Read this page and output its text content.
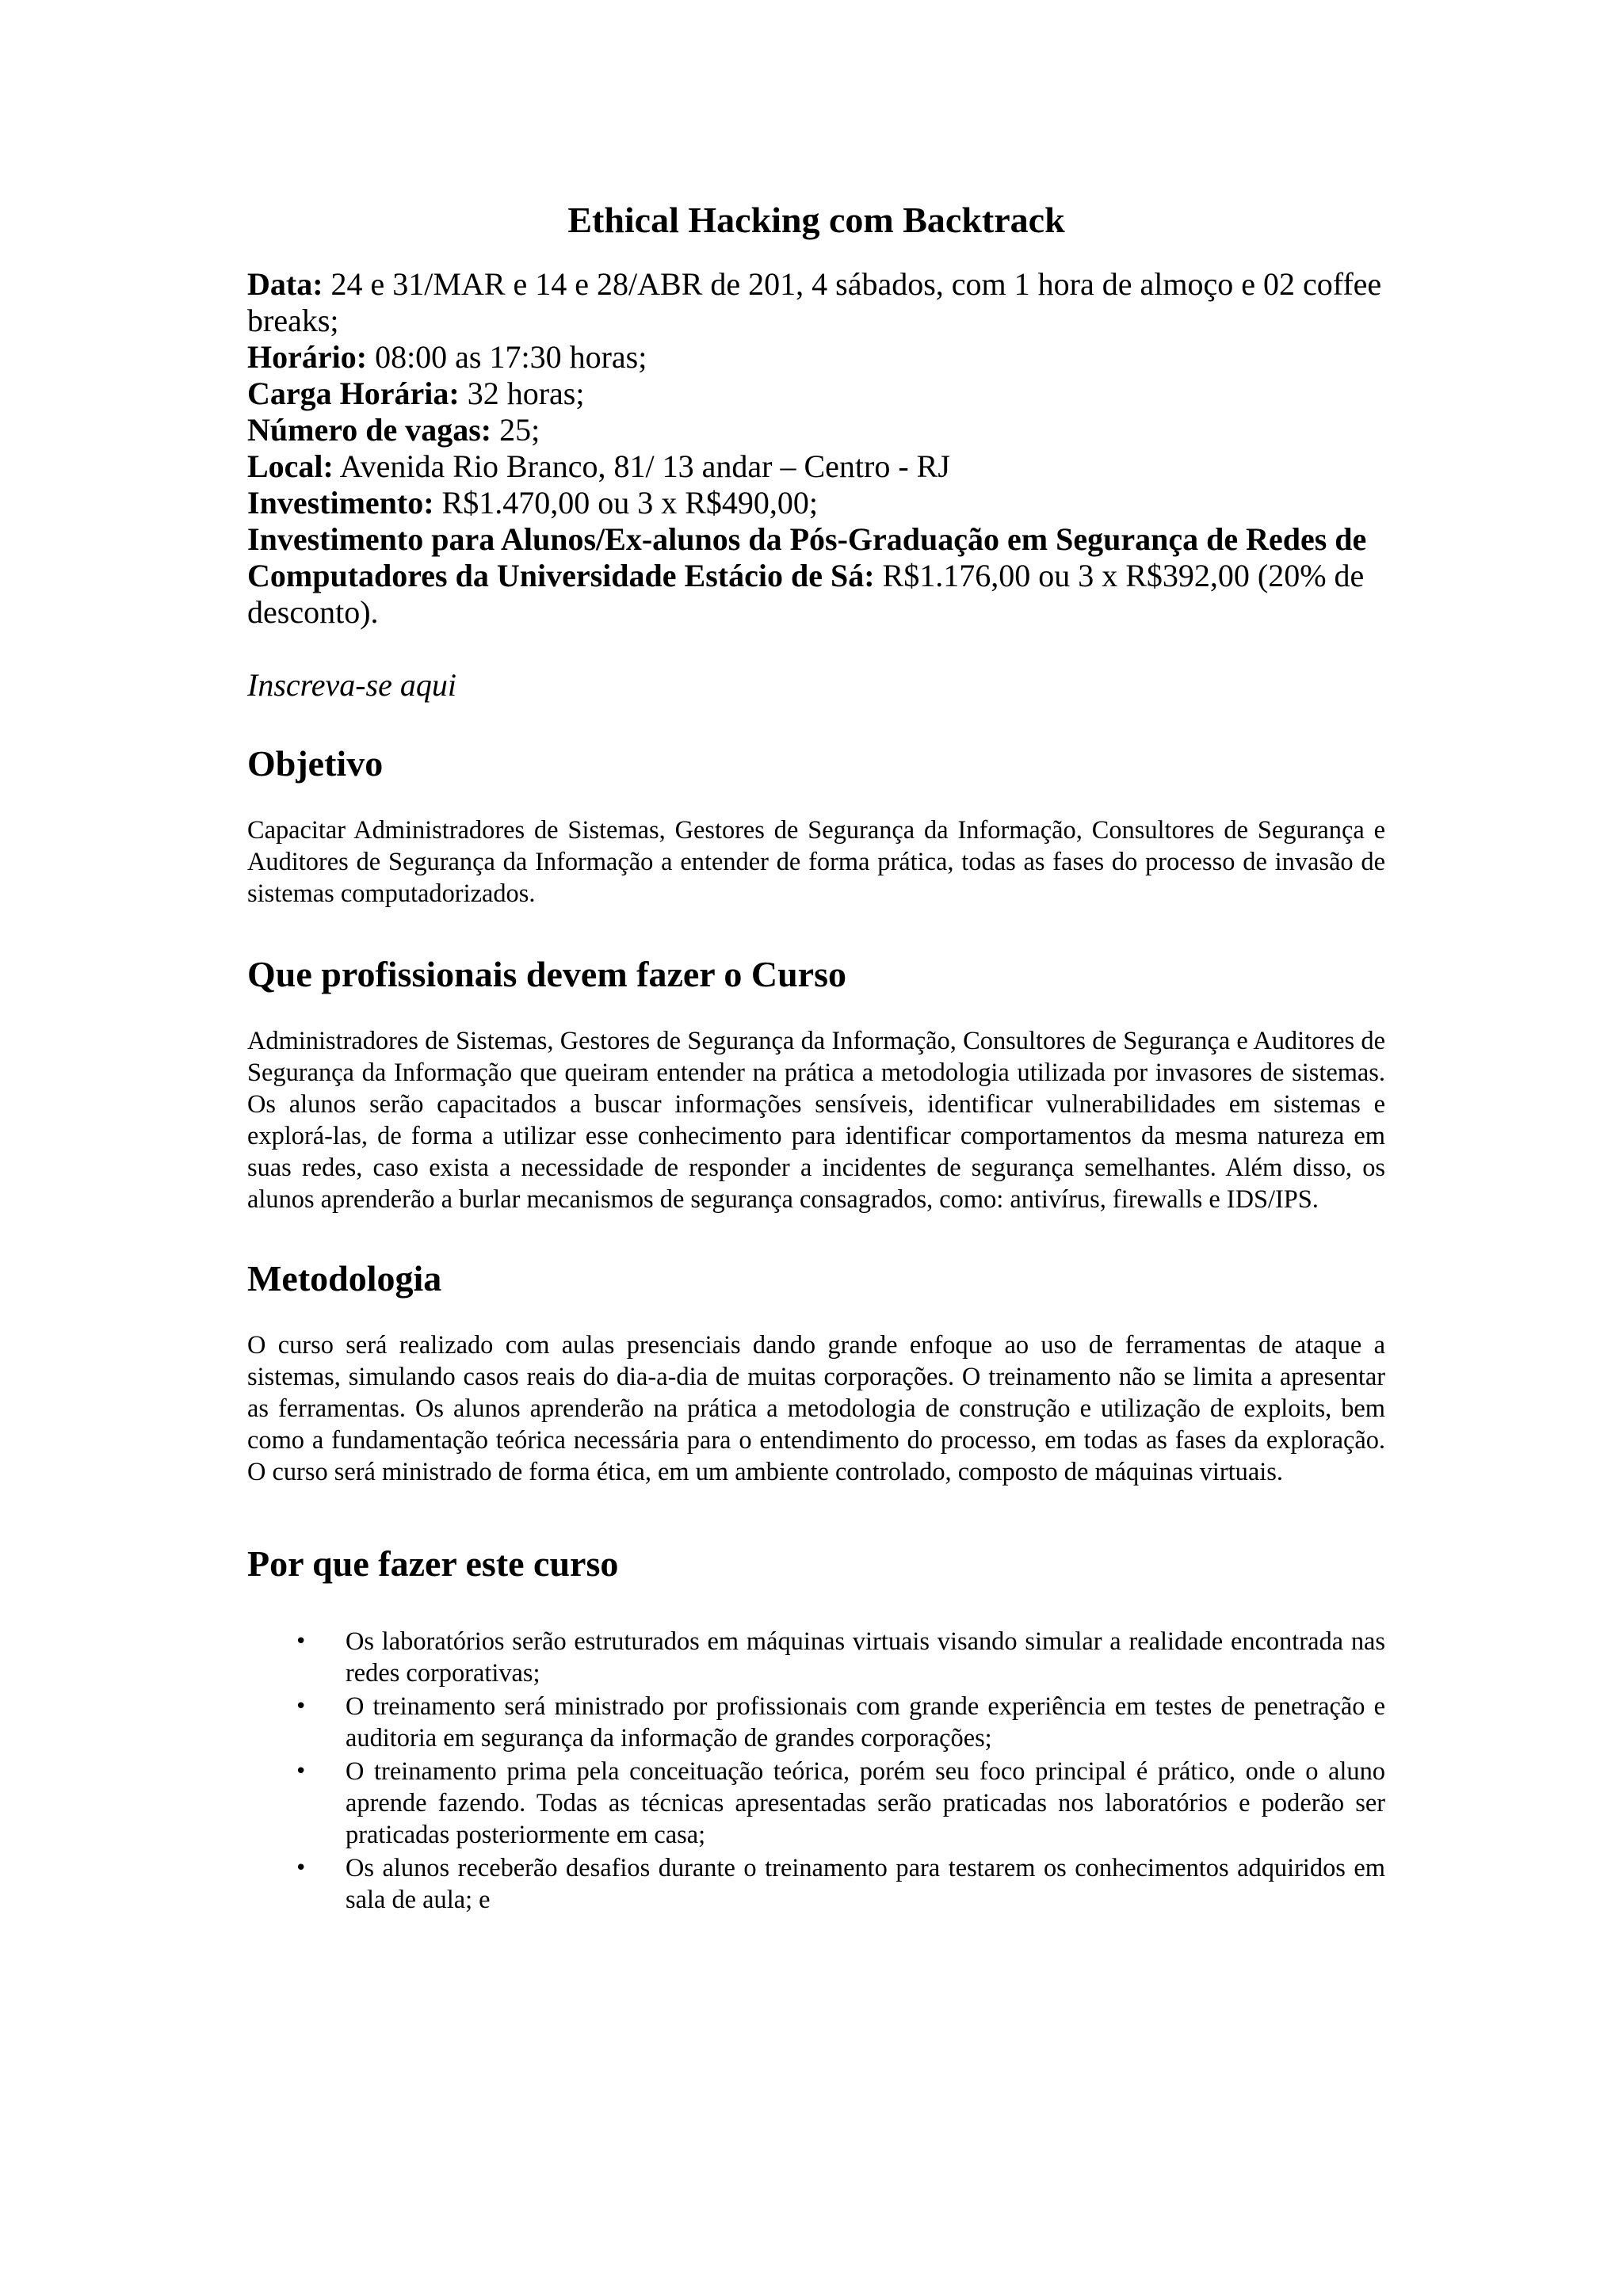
Ethical Hacking com Backtrack
Data: 24 e 31/MAR e 14 e 28/ABR de 201, 4 sábados, com 1 hora de almoço e 02 coffee breaks;
Horário: 08:00 as 17:30 horas;
Carga Horária: 32 horas;
Número de vagas: 25;
Local: Avenida Rio Branco, 81/ 13 andar – Centro - RJ
Investimento: R$1.470,00 ou 3 x R$490,00;
Investimento para Alunos/Ex-alunos da Pós-Graduação em Segurança de Redes de Computadores da Universidade Estácio de Sá: R$1.176,00 ou 3 x R$392,00 (20% de desconto).
Inscreva-se aqui
Objetivo

Capacitar Administradores de Sistemas, Gestores de Segurança da Informação, Consultores de Segurança e Auditores de Segurança da Informação a entender de forma prática, todas as fases do processo de invasão de sistemas computadorizados.

Que profissionais devem fazer o Curso

Administradores de Sistemas, Gestores de Segurança da Informação, Consultores de Segurança e Auditores de Segurança da Informação que queiram entender na prática a metodologia utilizada por invasores de sistemas. Os alunos serão capacitados a buscar informações sensíveis, identificar vulnerabilidades em sistemas e explorá-las, de forma a utilizar esse conhecimento para identificar comportamentos da mesma natureza em suas redes, caso exista a necessidade de responder a incidentes de segurança semelhantes. Além disso, os alunos aprenderão a burlar mecanismos de segurança consagrados, como: antivírus, firewalls e IDS/IPS.

Metodologia

O curso será realizado com aulas presenciais dando grande enfoque ao uso de ferramentas de ataque a sistemas, simulando casos reais do dia-a-dia de muitas corporações. O treinamento não se limita a apresentar as ferramentas. Os alunos aprenderão na prática a metodologia de construção e utilização de exploits, bem como a fundamentação teórica necessária para o entendimento do processo, em todas as fases da exploração. O curso será ministrado de forma ética, em um ambiente controlado, composto de máquinas virtuais.

Por que fazer este curso
• Os laboratórios serão estruturados em máquinas virtuais visando simular a realidade encontrada nas redes corporativas;
• O treinamento será ministrado por profissionais com grande experiência em testes de penetração e auditoria em segurança da informação de grandes corporações;
• O treinamento prima pela conceituação teórica, porém seu foco principal é prático, onde o aluno aprende fazendo. Todas as técnicas apresentadas serão praticadas nos laboratórios e poderão ser praticadas posteriormente em casa;
• Os alunos receberão desafios durante o treinamento para testarem os conhecimentos adquiridos em sala de aula; e
